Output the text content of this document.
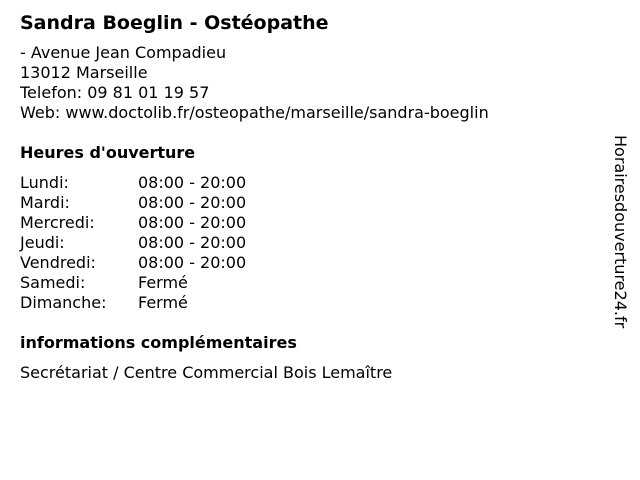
Sandra Boeglin - Ostéopathe
- Avenue Jean Compadieu
13012 Marseille
Telefon: 09 81 01 19 57
Web: www.doctolib.fr/osteopathe/marseille/sandra-boeglin
Heures d'ouverture
Lundi:	08:00 - 20:00
Mardi:	08:00 - 20:00
Mercredi:	08:00 - 20:00
Jeudi:	08:00 - 20:00
Vendredi:	08:00 - 20:00
Samedi:	Fermé
Dimanche:	Fermé
informations complémentaires
Secrétariat / Centre Commercial Bois Lemaître
Horairesdouverture24.fr
